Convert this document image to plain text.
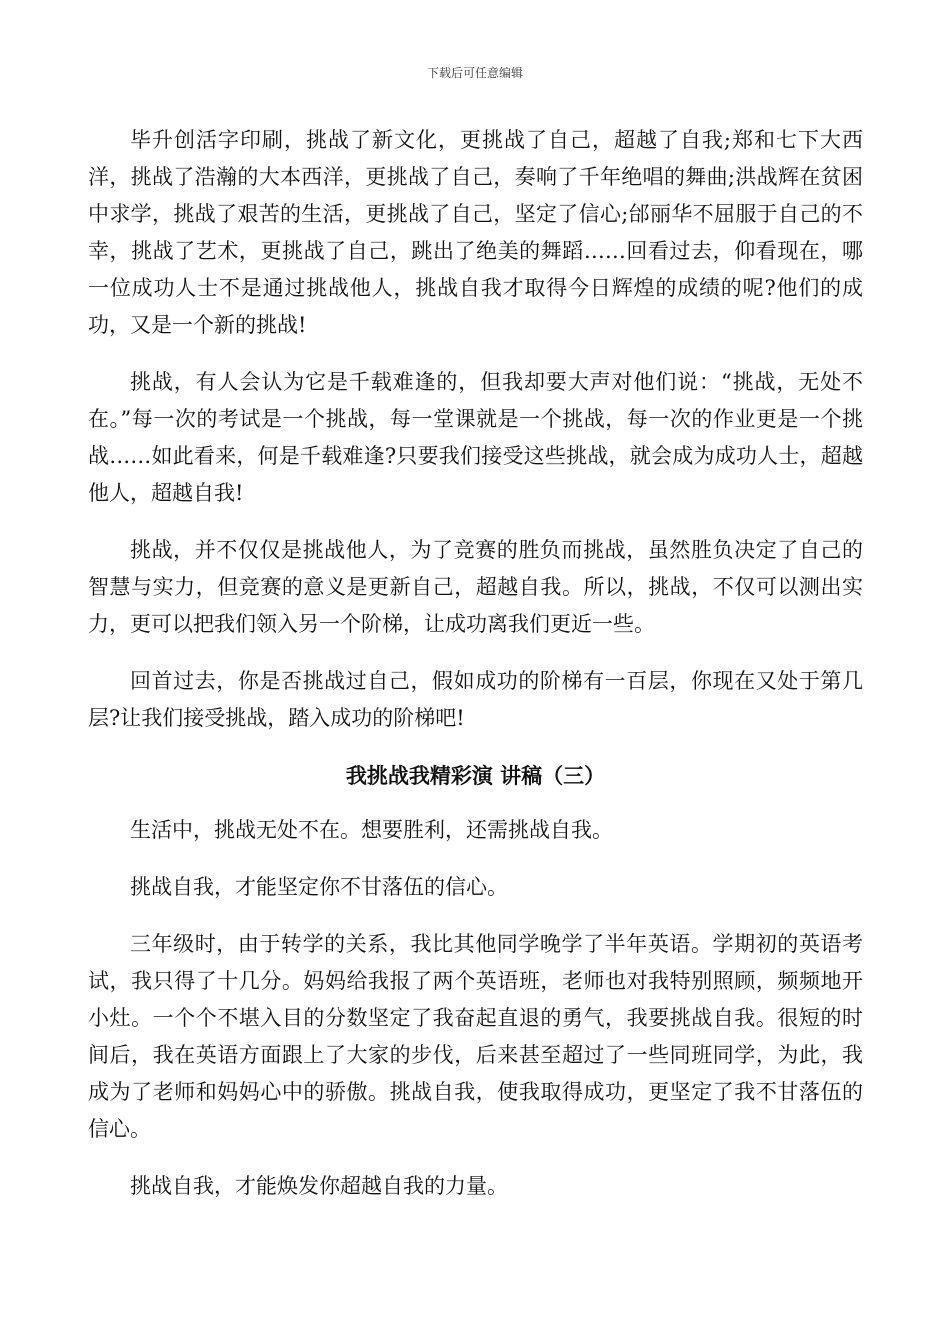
下载后可任意编辑

毕升创活字印刷，挑战了新文化，更挑战了自己，超越了自我;郑和七下大西洋，挑战了浩瀚的大本西洋，更挑战了自己，奏响了千年绝唱的舞曲;洪战辉在贫困中求学，挑战了艰苦的生活，更挑战了自己，坚定了信心;邰丽华不屈服于自己的不幸，挑战了艺术，更挑战了自己，跳出了绝美的舞蹈……回看过去，仰看现在，哪一位成功人士不是通过挑战他人，挑战自我才取得今日辉煌的成绩的呢?他们的成功，又是一个新的挑战!

挑战，有人会认为它是千载难逢的，但我却要大声对他们说：“挑战，无处不在。”每一次的考试是一个挑战，每一堂课就是一个挑战，每一次的作业更是一个挑战……如此看来，何是千载难逢?只要我们接受这些挑战，就会成为成功人士，超越他人，超越自我!

挑战，并不仅仅是挑战他人，为了竞赛的胜负而挑战，虽然胜负决定了自己的智慧与实力，但竞赛的意义是更新自己，超越自我。所以，挑战，不仅可以测出实力，更可以把我们领入另一个阶梯，让成功离我们更近一些。

回首过去，你是否挑战过自己，假如成功的阶梯有一百层，你现在又处于第几层?让我们接受挑战，踏入成功的阶梯吧!

我挑战我精彩演 讲稿（三）

生活中，挑战无处不在。想要胜利，还需挑战自我。

挑战自我，才能坚定你不甘落伍的信心。

三年级时，由于转学的关系，我比其他同学晚学了半年英语。学期初的英语考试，我只得了十几分。妈妈给我报了两个英语班，老师也对我特别照顾，频频地开小灶。一个个不堪入目的分数坚定了我奋起直退的勇气，我要挑战自我。很短的时间后，我在英语方面跟上了大家的步伐，后来甚至超过了一些同班同学，为此，我成为了老师和妈妈心中的骄傲。挑战自我，使我取得成功，更坚定了我不甘落伍的信心。

挑战自我，才能焕发你超越自我的力量。
